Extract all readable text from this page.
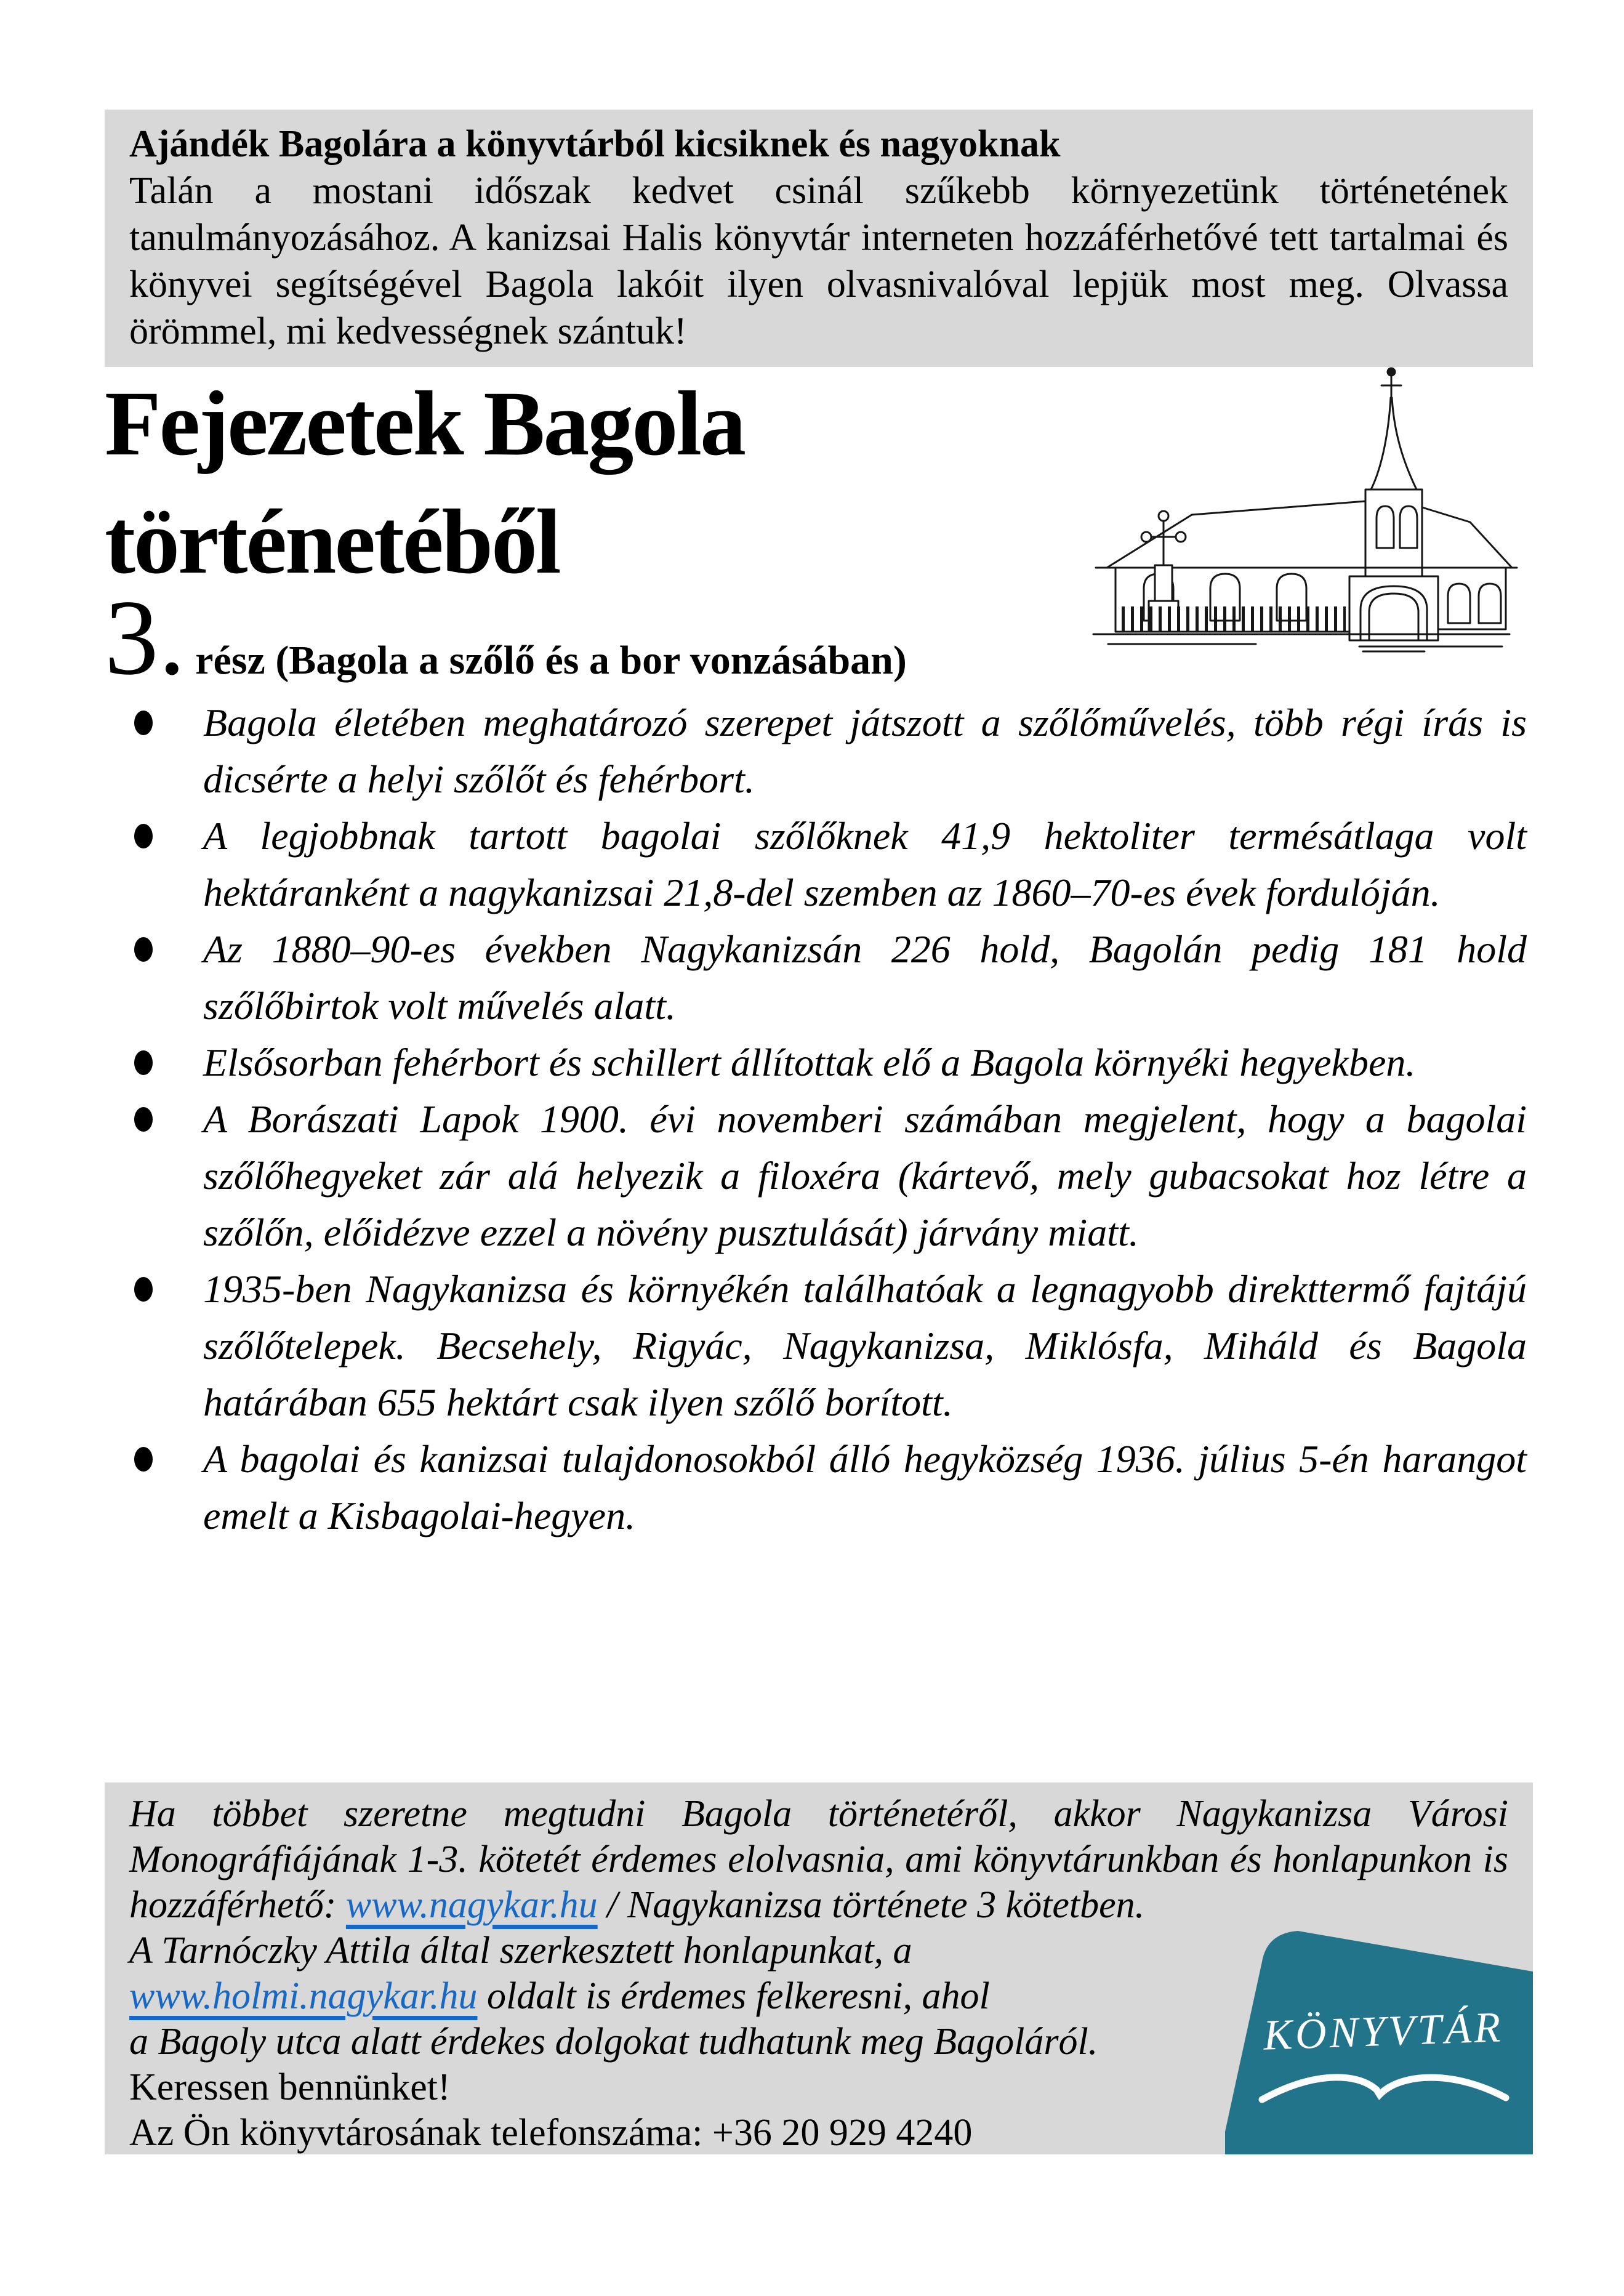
Ajándék Bagolára a könyvtárból kicsiknek és nagyoknak

Talán a mostani időszak kedvet csinál szűkebb környezetünk történetének tanulmányozásához. A kanizsai Halis könyvtár interneten hozzáférhetővé tett tartalmai és könyvei segítségével Bagola lakóit ilyen olvasnivalóval lepjük most meg. Olvassa örömmel, mi kedvességnek szántuk!

Fejezetek Bagola
történetéből
3. rész (Bagola a szőlő és a bor vonzásában)
Bagola életében meghatározó szerepet játszott a szőlőművelés, több régi írás is dicsérte a helyi szőlőt és fehérbort.
A legjobbnak tartott bagolai szőlőknek 41,9 hektoliter termésátlaga volt hektáranként a nagykanizsai 21,8-del szemben az 1860–70-es évek fordulóján.
Az 1880–90-es években Nagykanizsán 226 hold, Bagolán pedig 181 hold szőlőbirtok volt művelés alatt.
Elsősorban fehérbort és schillert állítottak elő a Bagola környéki hegyekben.
A Borászati Lapok 1900. évi novemberi számában megjelent, hogy a bagolai szőlőhegyeket zár alá helyezik a filoxéra (kártevő, mely gubacsokat hoz létre a szőlőn, előidézve ezzel a növény pusztulását) járvány miatt.
1935-ben Nagykanizsa és környékén találhatóak a legnagyobb direkttermő fajtájú szőlőtelepek. Becsehely, Rigyác, Nagykanizsa, Miklósfa, Miháld és Bagola határában 655 hektárt csak ilyen szőlő borított.
A bagolai és kanizsai tulajdonosokból álló hegyközség 1936. július 5-én harangot emelt a Kisbagolai-hegyen.
KÖNYVTÁR

Ha többet szeretne megtudni Bagola történetéről, akkor Nagykanizsa Városi Monográfiájának 1-3. kötetét érdemes elolvasnia, ami könyvtárunkban és honlapunkon is hozzáférhető: www.nagykar.hu / Nagykanizsa története 3 kötetben.

A Tarnóczky Attila által szerkesztett honlapunkat, a
www.holmi.nagykar.hu oldalt is érdemes felkeresni, ahol
a Bagoly utca alatt érdekes dolgokat tudhatunk meg Bagoláról.
Keressen bennünket!
Az Ön könyvtárosának telefonszáma: +36 20 929 4240
